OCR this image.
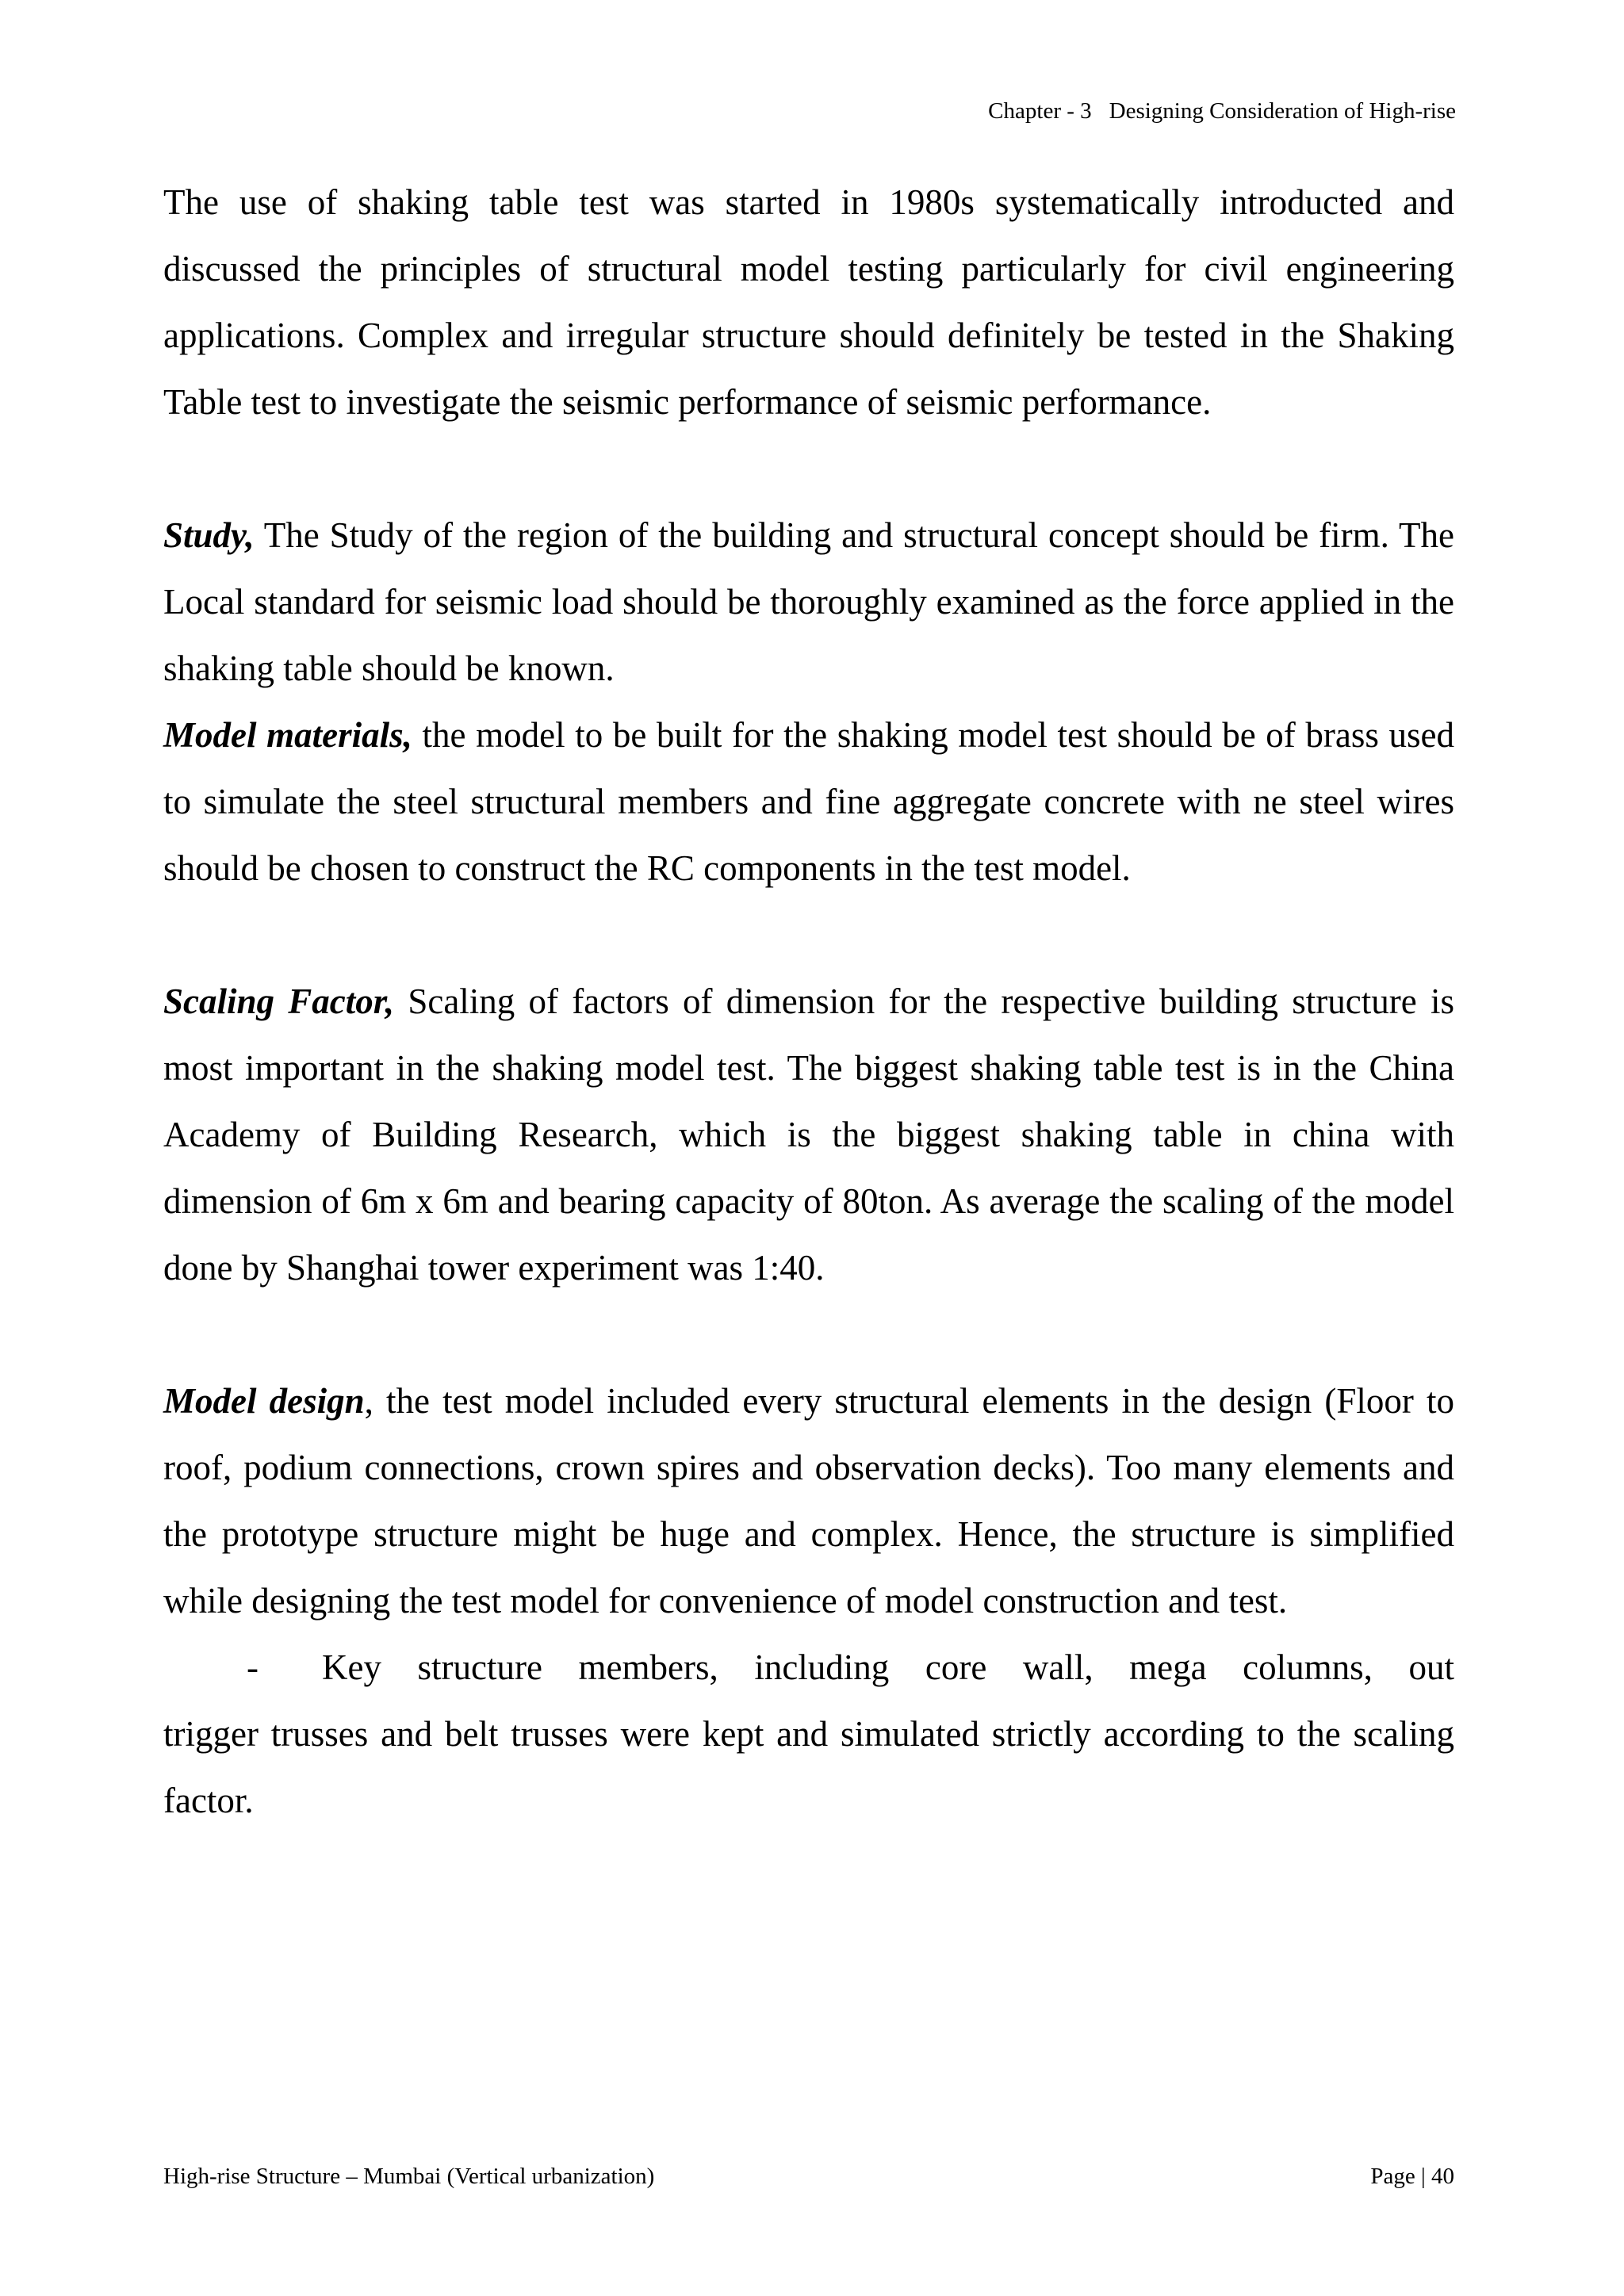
Chapter - 3 Designing Consideration of High-rise

The use of shaking table test was started in 1980s systematically introducted and discussed the principles of structural model testing particularly for civil engineering applications. Complex and irregular structure should definitely be tested in the Shaking Table test to investigate the seismic performance of seismic performance.

Study, The Study of the region of the building and structural concept should be firm. The Local standard for seismic load should be thoroughly examined as the force applied in the shaking table should be known.

Model materials, the model to be built for the shaking model test should be of brass used to simulate the steel structural members and fine aggregate concrete with ne steel wires should be chosen to construct the RC components in the test model.

Scaling Factor, Scaling of factors of dimension for the respective building structure is most important in the shaking model test. The biggest shaking table test is in the China Academy of Building Research, which is the biggest shaking table in china with dimension of 6m x 6m and bearing capacity of 80ton. As average the scaling of the model done by Shanghai tower experiment was 1:40.

Model design, the test model included every structural elements in the design (Floor to roof, podium connections, crown spires and observation decks). Too many elements and the prototype structure might be huge and complex. Hence, the structure is simplified while designing the test model for convenience of model construction and test.

-	Key structure members, including core wall, mega columns, out

trigger trusses and belt trusses were kept and simulated strictly according to the scaling factor.

High-rise Structure – Mumbai (Vertical urbanization)	Page | 40
